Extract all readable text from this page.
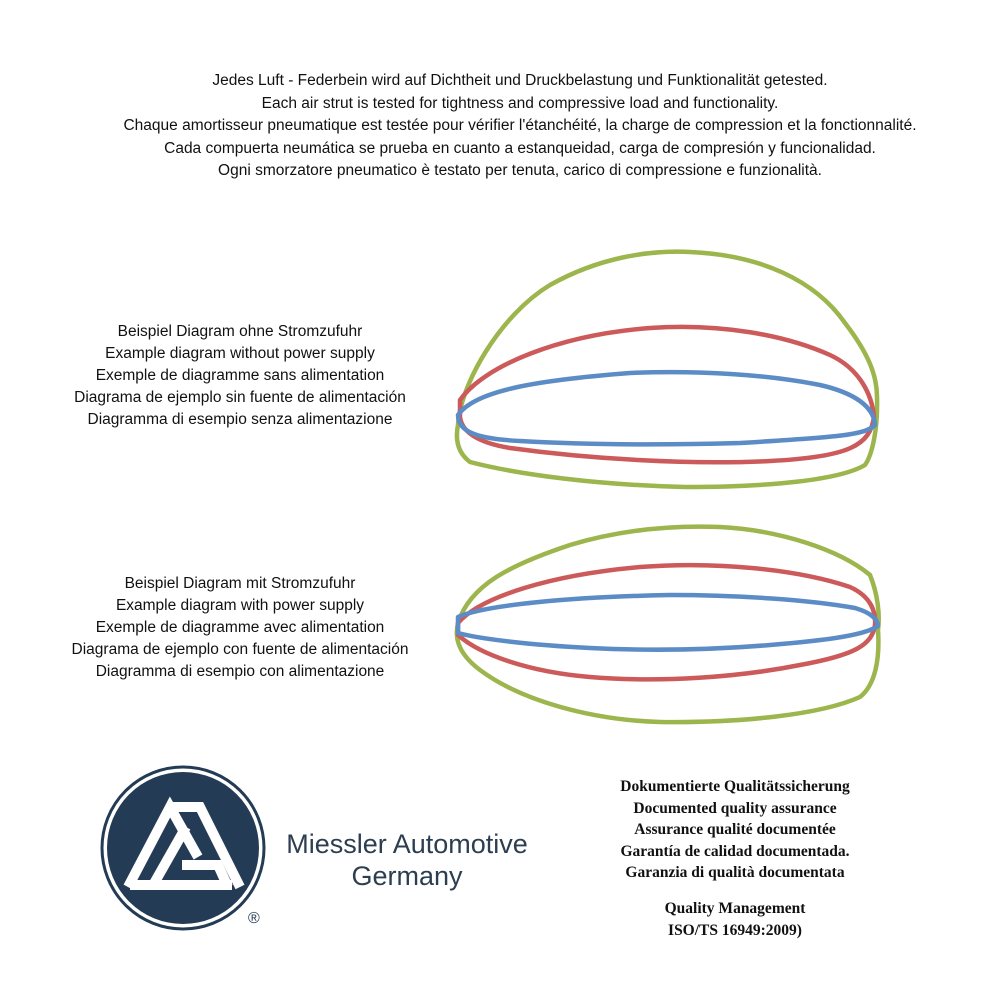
Jedes Luft - Federbein wird auf Dichtheit und Druckbelastung und Funktionalität getested.
Each air strut is tested for tightness and compressive load and functionality.
Chaque amortisseur pneumatique est testée pour vérifier l'étanchéité, la charge de compression et la fonctionnalité.
Cada compuerta neumática se prueba en cuanto a estanqueidad, carga de compresión y funcionalidad.
Ogni smorzatore pneumatico è testato per tenuta, carico di compressione e funzionalità.
Beispiel Diagram ohne Stromzufuhr
Example diagram without power supply
Exemple de diagramme sans alimentation
Diagrama de ejemplo sin fuente de alimentación
Diagramma di esempio senza alimentazione
Beispiel Diagram mit Stromzufuhr
Example diagram with power supply
Exemple de diagramme avec alimentation
Diagrama de ejemplo con fuente de alimentación
Diagramma di esempio con alimentazione
®
Miessler Automotive
Germany
Dokumentierte Qualitätssicherung
Documented quality assurance
Assurance qualité documentée
Garantía de calidad documentada.
Garanzia di qualità documentata
Quality Management
ISO/TS 16949:2009)
